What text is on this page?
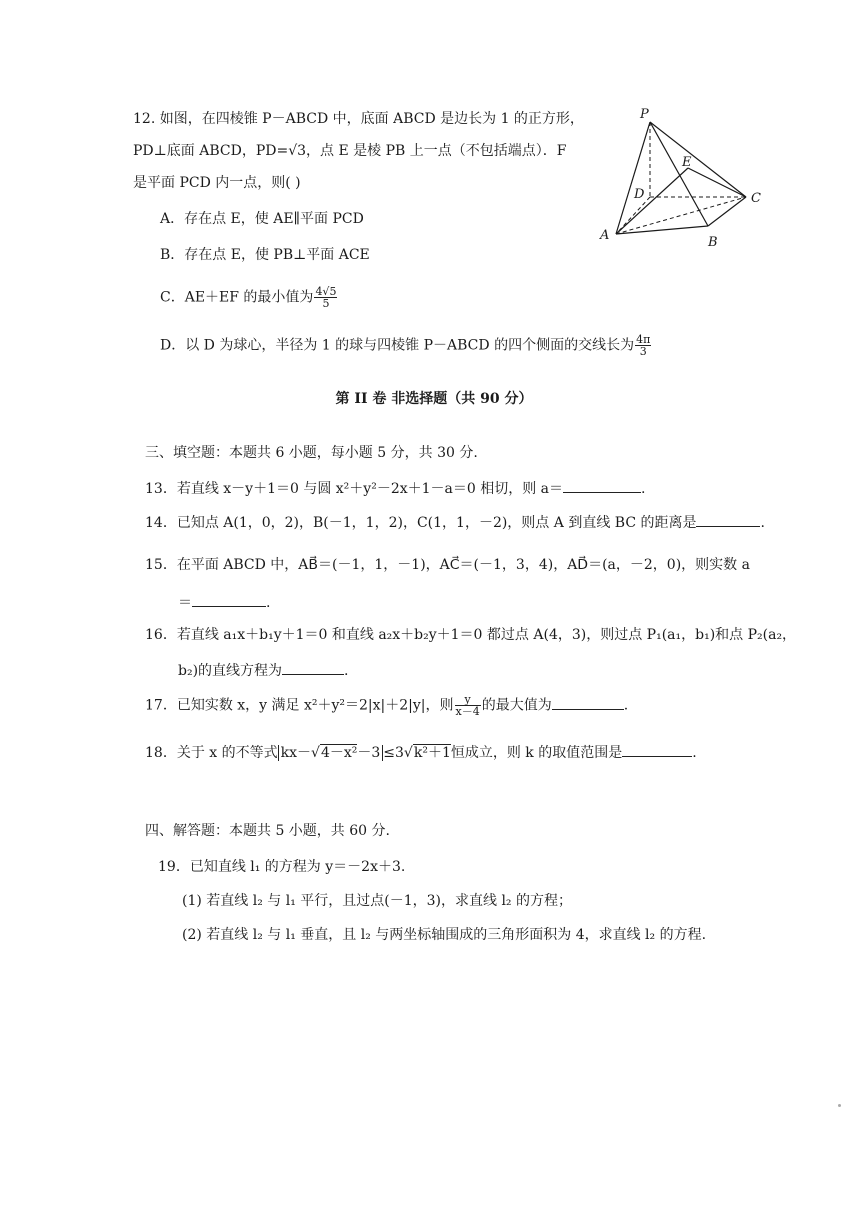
12. 如图，在四棱锥 P－ABCD 中，底面 ABCD 是边长为 1 的正方形，
PD⊥底面 ABCD，PD=√3，点 E 是棱 PB 上一点（不包括端点）．F
是平面 PCD 内一点，则( )
A．存在点 E，使 AE∥平面 PCD
B．存在点 E，使 PB⊥平面 ACE
C．AE＋EF 的最小值为 $\frac{4√5}{5}$
D．以 D 为球心，半径为 1 的球与四棱锥 P－ABCD 的四个侧面的交线长为 $\frac{4\pi}{3}$
P
E
D	C
A	B
第 II 卷 非选择题（共 90 分）
三、填空题：本题共 6 小题，每小题 5 分，共 30 分.
13．若直线 x－y＋1＝0 与圆 x²＋y²－2x＋1－a＝0 相切，则 a＝	.
14．已知点 A(1，0，2)，B(－1，1，2)，C(1，1，－2)，则点 A 到直线 BC 的距离是	.
15．在平面 ABCD 中，AB⃗＝(－1，1，－1)，AC⃗＝(－1，3，4)，AD⃗＝(a，－2，0)，则实数 a
＝	.
16．若直线 a₁x＋b₁y＋1＝0 和直线 a₂x＋b₂y＋1＝0 都过点 A(4，3)，则过点 P₁(a₁，b₁)和点 P₂(a₂，
b₂)的直线方程为	.
17．已知实数 x，y 满足 x²＋y²＝2|x|＋2|y|，则 $\frac{y}{x-4}$ 的最大值为	.
18．关于 x 的不等式 kx－√4－x²－3 ≤3√k²＋1恒成立，则 k 的取值范围是	.
四、解答题：本题共 5 小题，共 60 分.
19．已知直线 l₁ 的方程为 y＝－2x＋3.
(1) 若直线 l₂ 与 l₁ 平行，且过点(－1，3)，求直线 l₂ 的方程；
(2) 若直线 l₂ 与 l₁ 垂直，且 l₂ 与两坐标轴围成的三角形面积为 4，求直线 l₂ 的方程.
